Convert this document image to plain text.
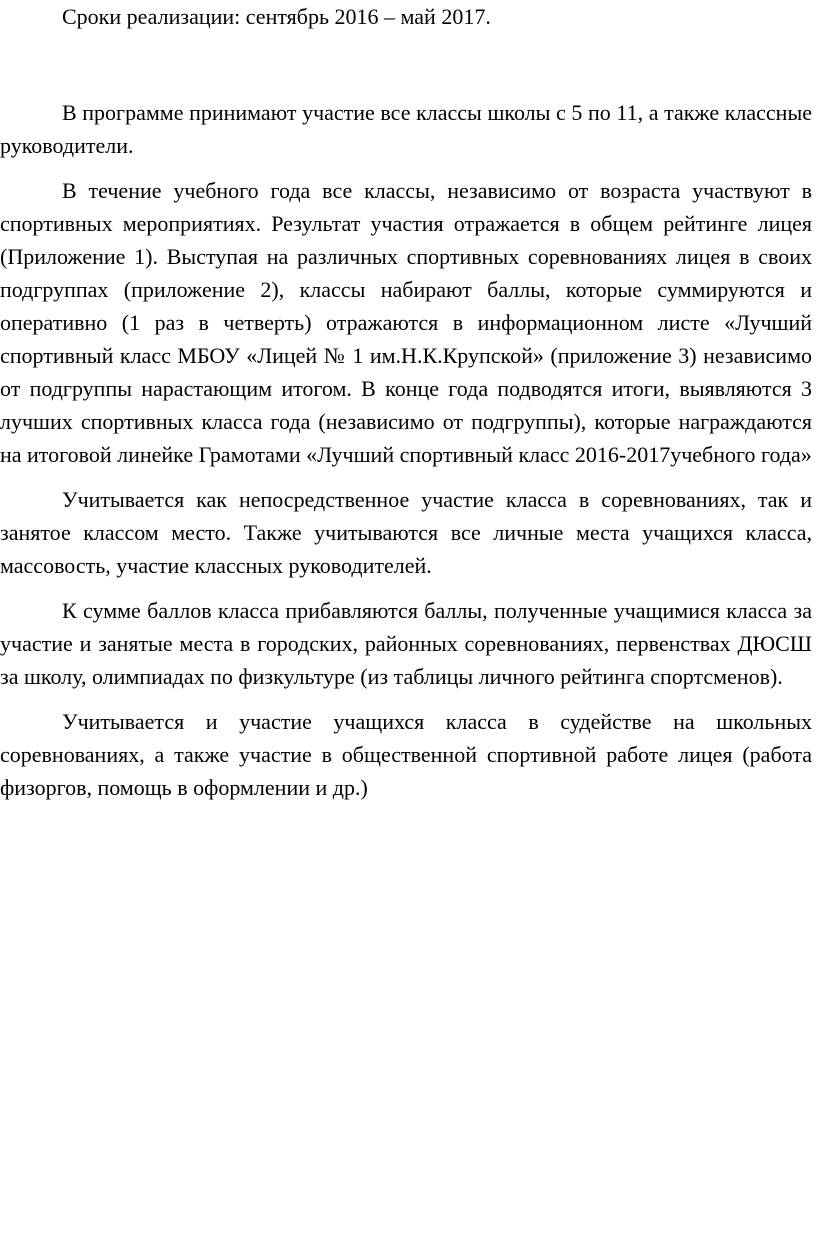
Сроки реализации: сентябрь 2016 – май 2017.

В программе принимают участие все классы школы с 5 по 11, а также классные руководители.

В течение учебного года все классы, независимо от возраста участвуют в спортивных мероприятиях. Результат участия отражается в общем рейтинге лицея (Приложение 1). Выступая на различных спортивных соревнованиях лицея в своих подгруппах (приложение 2), классы набирают баллы, которые суммируются и оперативно (1 раз в четверть) отражаются в информационном листе «Лучший спортивный класс МБОУ «Лицей № 1 им.Н.К.Крупской» (приложение 3) независимо от подгруппы нарастающим итогом. В конце года подводятся итоги, выявляются 3 лучших спортивных класса года (независимо от подгруппы), которые награждаются на итоговой линейке Грамотами «Лучший спортивный класс 2016-2017учебного года»

Учитывается как непосредственное участие класса в соревнованиях, так и занятое классом место. Также учитываются все личные места учащихся класса, массовость, участие классных руководителей.

К сумме баллов класса прибавляются баллы, полученные учащимися класса за участие и занятые места в городских, районных соревнованиях, первенствах ДЮСШ за школу, олимпиадах по физкультуре (из таблицы личного рейтинга спортсменов).

Учитывается и участие учащихся класса в судействе на школьных соревнованиях, а также участие в общественной спортивной работе лицея (работа физоргов, помощь в оформлении и др.)
